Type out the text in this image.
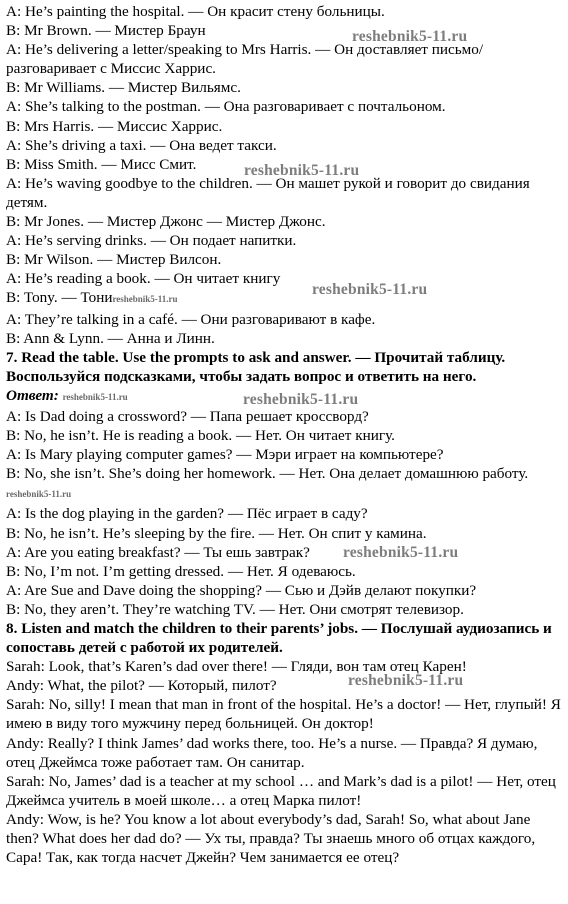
A: He’s painting the hospital. — Он красит стену больницы.

B: Mr Brown. — Мистер Браун

A: He’s delivering a letter/speaking to Mrs Harris. — Он доставляет письмо/разговаривает с Миссис Харрис.

B: Mr Williams. — Мистер Вильямс.

A: She’s talking to the postman. — Она разговаривает с почтальоном.

B: Mrs Harris. — Миссис Харрис.

A: She’s driving a taxi. — Она ведет такси.

B: Miss Smith. — Мисс Смит.

A: He’s waving goodbye to the children. — Он машет рукой и говорит до свидания детям.

B: Mr Jones. — Мистер Джонс — Мистер Джонс.

A: He’s serving drinks. — Он подает напитки.

B: Mr Wilson. — Мистер Вилсон.

A: He’s reading a book. — Он читает книгу

B: Tony. — Тониreshebnik5-11.ru

A: They’re talking in a café. — Они разговаривают в кафе.

B: Ann & Lynn. — Анна и Линн.

7. Read the table. Use the prompts to ask and answer. — Прочитай таблицу. Воспользуйся подсказками, чтобы задать вопрос и ответить на него.

Ответ: reshebnik5-11.ru

A: Is Dad doing a crossword? — Папа решает кроссворд?

B: No, he isn’t. He is reading a book. — Нет. Он читает книгу.

A: Is Mary playing computer games? — Мэри играет на компьютере?

B: No, she isn’t. She’s doing her homework. — Нет. Она делает домашнюю работу. reshebnik5-11.ru

A: Is the dog playing in the garden? — Пёс играет в саду?

B: No, he isn’t. He’s sleeping by the fire. — Нет. Он спит у камина.

A: Are you eating breakfast? — Ты ешь завтрак?

B: No, I’m not. I’m getting dressed. — Нет. Я одеваюсь.

A: Are Sue and Dave doing the shopping? — Сью и Дэйв делают покупки?

B: No, they aren’t. They’re watching TV. — Нет. Они смотрят телевизор.

8. Listen and match the children to their parents’ jobs. — Послушай аудиозапись и сопоставь детей с работой их родителей.

Sarah: Look, that’s Karen’s dad over there! — Гляди, вон там отец Карен!

Andy: What, the pilot? — Который, пилот?

Sarah: No, silly! I mean that man in front of the hospital. He’s a doctor! — Нет, глупый! Я имею в виду того мужчину перед больницей. Он доктор!

Andy: Really? I think James’ dad works there, too. He’s a nurse. — Правда? Я думаю, отец Джеймса тоже работает там. Он санитар.

Sarah: No, James’ dad is a teacher at my school … and Mark’s dad is a pilot! — Нет, отец Джеймса учитель в моей школе… а отец Марка пилот!

Andy: Wow, is he? You know a lot about everybody’s dad, Sarah! So, what about Jane then? What does her dad do? — Ух ты, правда? Ты знаешь много об отцах каждого, Сара! Так, как тогда насчет Джейн? Чем занимается ее отец?

reshebnik5-11.ru
reshebnik5-11.ru
reshebnik5-11.ru
reshebnik5-11.ru
reshebnik5-11.ru
reshebnik5-11.ru
